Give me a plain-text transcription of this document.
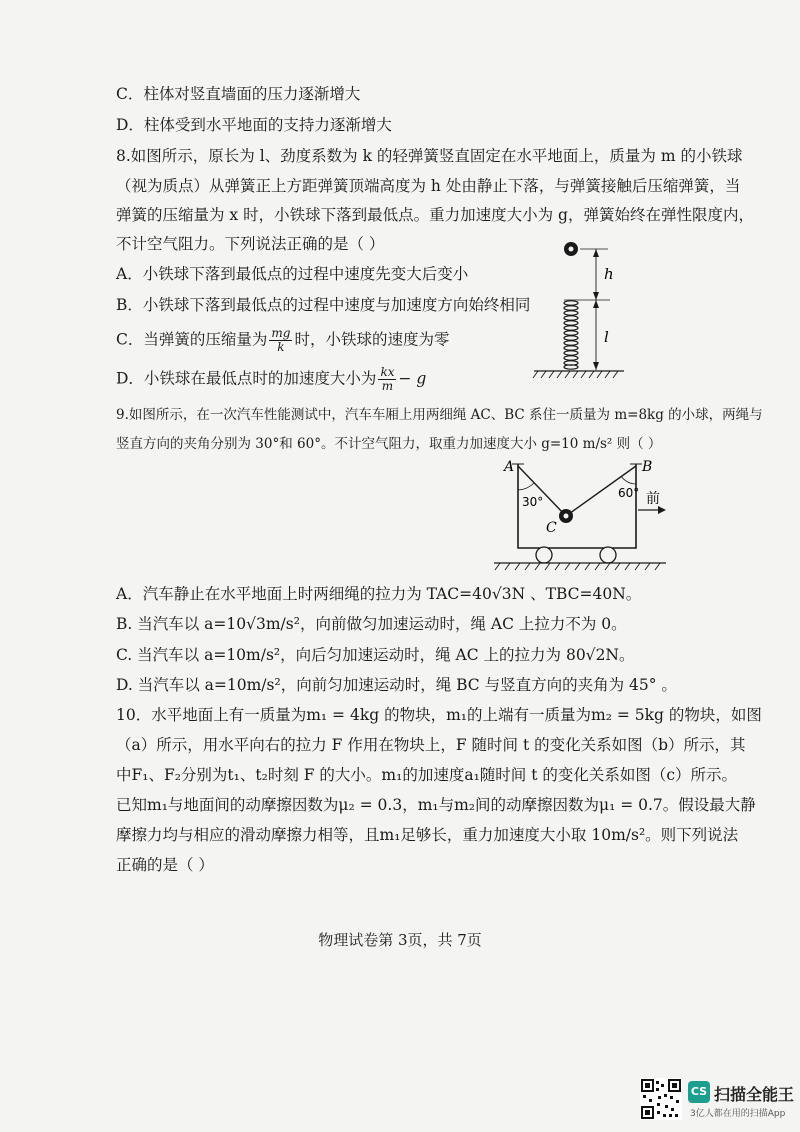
C．柱体对竖直墙面的压力逐渐增大
D．柱体受到水平地面的支持力逐渐增大
8.如图所示，原长为 l、劲度系数为 k 的轻弹簧竖直固定在水平地面上，质量为 m 的小铁球
（视为质点）从弹簧正上方距弹簧顶端高度为 h 处由静止下落，与弹簧接触后压缩弹簧，当
弹簧的压缩量为 x 时，小铁球下落到最低点。重力加速度大小为 g，弹簧始终在弹性限度内，
不计空气阻力。下列说法正确的是（ ）
A．小铁球下落到最低点的过程中速度先变大后变小
B．小铁球下落到最低点的过程中速度与加速度方向始终相同
C．当弹簧的压缩量为 $\frac{mg}{k}$ 时，小铁球的速度为零
D．小铁球在最低点时的加速度大小为 $\frac{kx}{m} - g$
h
l
9.如图所示，在一次汽车性能测试中，汽车车厢上用两细绳 AC、BC 系住一质量为 m=8kg 的小球，两绳与
竖直方向的夹角分别为 30°和 60°。不计空气阻力，取重力加速度大小 g=10 m/s² 则（ ）
A	B
C
30°
60° 前
A．汽车静止在水平地面上时两细绳的拉力为 TAC=40√3N 、TBC=40N。
B. 当汽车以 a=10√3m/s²，向前做匀加速运动时，绳 AC 上拉力不为 0。
C. 当汽车以 a=10m/s²，向后匀加速运动时，绳 AC 上的拉力为 80√2N。
D. 当汽车以 a=10m/s²，向前匀加速运动时，绳 BC 与竖直方向的夹角为 45° 。
10．水平地面上有一质量为m₁ = 4kg 的物块，m₁的上端有一质量为m₂ = 5kg 的物块，如图
（a）所示，用水平向右的拉力 F 作用在物块上，F 随时间 t 的变化关系如图（b）所示，其
中F₁、F₂分别为t₁、t₂时刻 F 的大小。m₁的加速度a₁随时间 t 的变化关系如图（c）所示。
已知m₁与地面间的动摩擦因数为μ₂ = 0.3，m₁与m₂间的动摩擦因数为μ₁ = 0.7。假设最大静
摩擦力均与相应的滑动摩擦力相等，且m₁足够长，重力加速度大小取 10m/s²。则下列说法
正确的是（ ）
物理试卷第 3页，共 7页
CS 扫描全能王
3亿人都在用的扫描App
